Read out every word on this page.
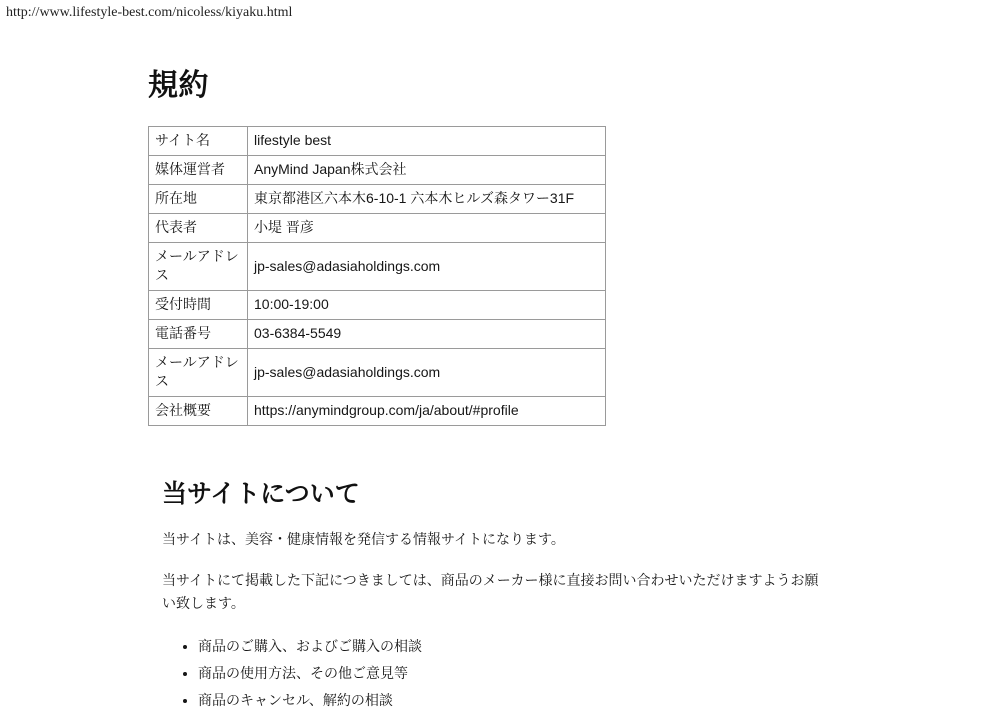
http://www.lifestyle-best.com/nicoless/kiyaku.html
規約
サイト名	lifestyle best
媒体運営者	AnyMind Japan株式会社
所在地	東京都港区六本木6-10-1 六本木ヒルズ森タワー31F
代表者	小堤 晋彦
メールアドレス	jp-sales@adasiaholdings.com
受付時間	10:00-19:00
電話番号	03-6384-5549
メールアドレス	jp-sales@adasiaholdings.com
会社概要	https://anymindgroup.com/ja/about/#profile
当サイトについて

当サイトは、美容・健康情報を発信する情報サイトになります。

当サイトにて掲載した下記につきましては、商品のメーカー様に直接お問い合わせいただけますようお願い致します。

• 商品のご購入、およびご購入の相談
• 商品の使用方法、その他ご意見等
• 商品のキャンセル、解約の相談
